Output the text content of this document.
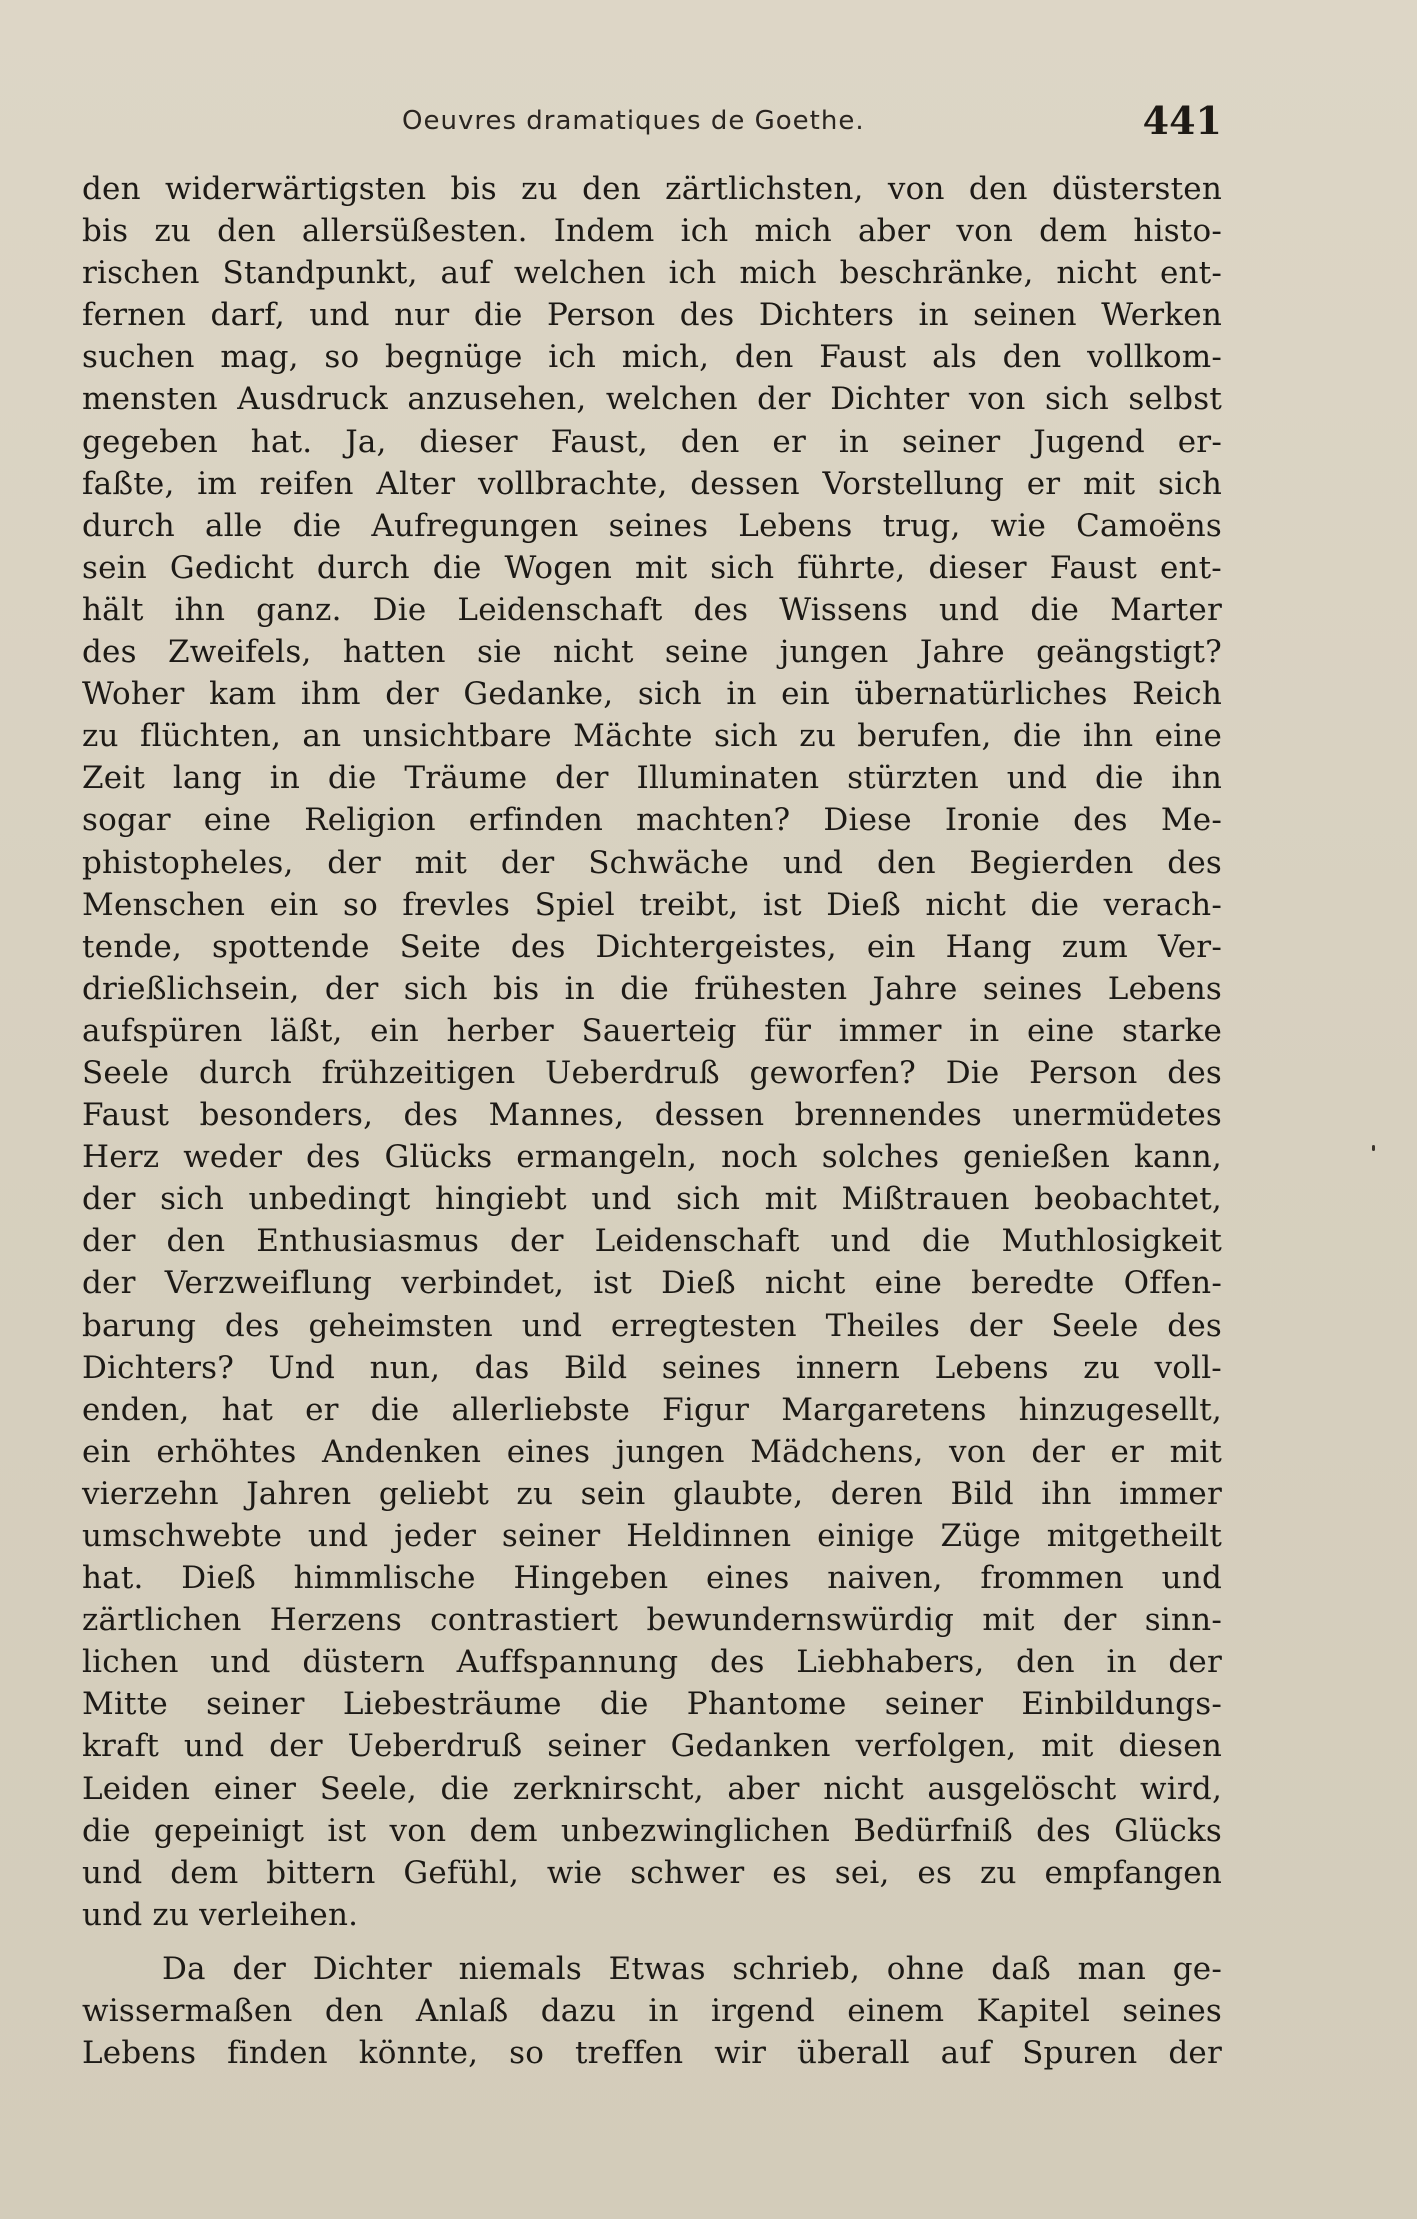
Oeuvres dramatiques de Goethe.	441
den widerwärtigsten bis zu den zärtlichsten, von den düstersten
bis zu den allersüßesten. Indem ich mich aber von dem histo-
rischen Standpunkt, auf welchen ich mich beschränke, nicht ent-
fernen darf, und nur die Person des Dichters in seinen Werken
suchen mag, so begnüge ich mich, den Faust als den vollkom-
mensten Ausdruck anzusehen, welchen der Dichter von sich selbst
gegeben hat. Ja, dieser Faust, den er in seiner Jugend er-
faßte, im reifen Alter vollbrachte, dessen Vorstellung er mit sich
durch alle die Aufregungen seines Lebens trug, wie Camoëns
sein Gedicht durch die Wogen mit sich führte, dieser Faust ent-
hält ihn ganz. Die Leidenschaft des Wissens und die Marter
des Zweifels, hatten sie nicht seine jungen Jahre geängstigt?
Woher kam ihm der Gedanke, sich in ein übernatürliches Reich
zu flüchten, an unsichtbare Mächte sich zu berufen, die ihn eine
Zeit lang in die Träume der Illuminaten stürzten und die ihn
sogar eine Religion erfinden machten? Diese Ironie des Me-
phistopheles, der mit der Schwäche und den Begierden des
Menschen ein so frevles Spiel treibt, ist Dieß nicht die verach-
tende, spottende Seite des Dichtergeistes, ein Hang zum Ver-
drießlichsein, der sich bis in die frühesten Jahre seines Lebens
aufspüren läßt, ein herber Sauerteig für immer in eine starke
Seele durch frühzeitigen Ueberdruß geworfen? Die Person des
Faust besonders, des Mannes, dessen brennendes unermüdetes
Herz weder des Glücks ermangeln, noch solches genießen kann,
der sich unbedingt hingiebt und sich mit Mißtrauen beobachtet,
der den Enthusiasmus der Leidenschaft und die Muthlosigkeit
der Verzweiflung verbindet, ist Dieß nicht eine beredte Offen-
barung des geheimsten und erregtesten Theiles der Seele des
Dichters? Und nun, das Bild seines innern Lebens zu voll-
enden, hat er die allerliebste Figur Margaretens hinzugesellt,
ein erhöhtes Andenken eines jungen Mädchens, von der er mit
vierzehn Jahren geliebt zu sein glaubte, deren Bild ihn immer
umschwebte und jeder seiner Heldinnen einige Züge mitgetheilt
hat. Dieß himmlische Hingeben eines naiven, frommen und
zärtlichen Herzens contrastiert bewundernswürdig mit der sinn-
lichen und düstern Auffspannung des Liebhabers, den in der
Mitte seiner Liebesträume die Phantome seiner Einbildungs-
kraft und der Ueberdruß seiner Gedanken verfolgen, mit diesen
Leiden einer Seele, die zerknirscht, aber nicht ausgelöscht wird,
die gepeinigt ist von dem unbezwinglichen Bedürfniß des Glücks
und dem bittern Gefühl, wie schwer es sei, es zu empfangen
und zu verleihen.
Da der Dichter niemals Etwas schrieb, ohne daß man ge-
wissermaßen den Anlaß dazu in irgend einem Kapitel seines
Lebens finden könnte, so treffen wir überall auf Spuren der
